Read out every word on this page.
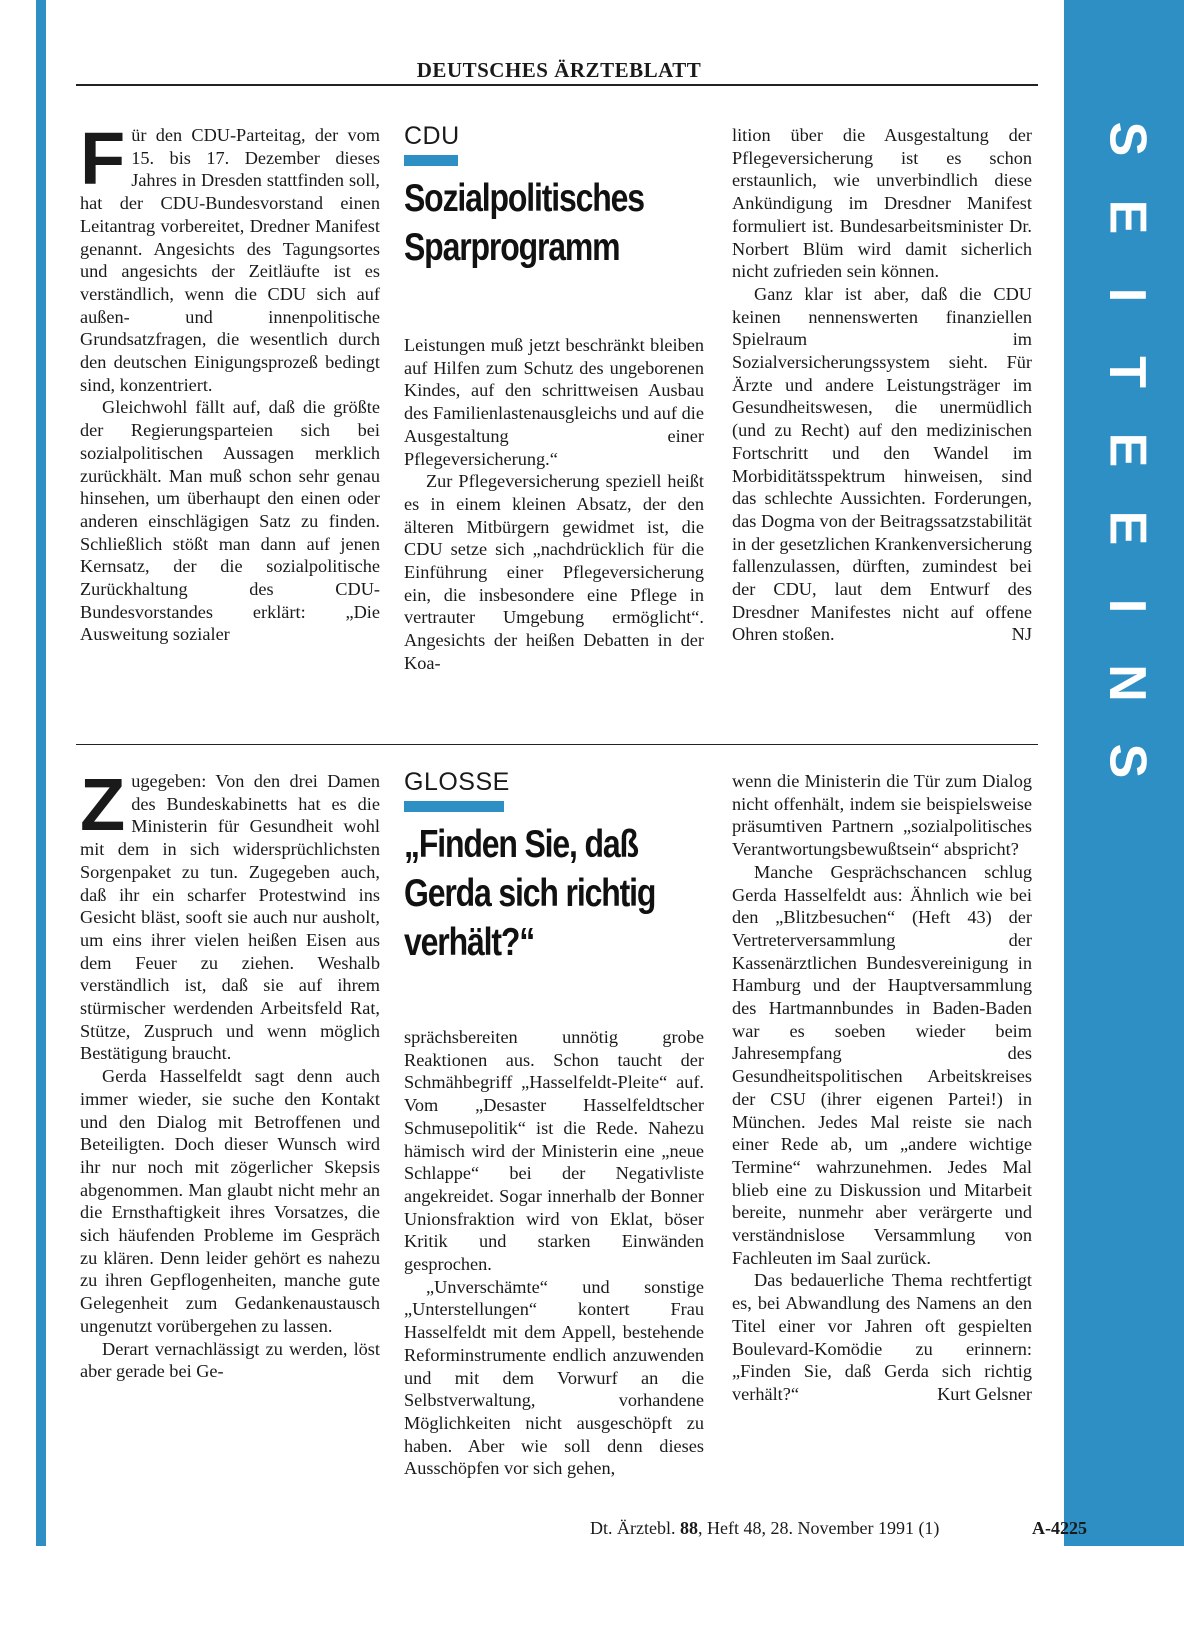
S
E
I
T
E
E
I
N
S
DEUTSCHES ÄRZTEBLATT

Für den CDU-Parteitag, der vom 15. bis 17. Dezember dieses Jahres in Dresden stattfinden soll, hat der CDU-Bundesvorstand einen Leitantrag vorbereitet, Dredner Manifest genannt. Angesichts des Tagungsortes und angesichts der Zeitläufte ist es verständlich, wenn die CDU sich auf außen- und innenpolitische Grundsatzfragen, die wesentlich durch den deutschen Einigungsprozeß bedingt sind, konzentriert.

Gleichwohl fällt auf, daß die größte der Regierungsparteien sich bei sozialpolitischen Aussagen merklich zurückhält. Man muß schon sehr genau hinsehen, um überhaupt den einen oder anderen einschlägigen Satz zu finden. Schließlich stößt man dann auf jenen Kernsatz, der die sozialpolitische Zurückhaltung des CDU-Bundesvorstandes erklärt: „Die Ausweitung sozialer

CDU
Sozialpolitisches Sparprogramm

Leistungen muß jetzt beschränkt bleiben auf Hilfen zum Schutz des ungeborenen Kindes, auf den schrittweisen Ausbau des Familienlastenausgleichs und auf die Ausgestaltung einer Pflegeversicherung.“

Zur Pflegeversicherung speziell heißt es in einem kleinen Absatz, der den älteren Mitbürgern gewidmet ist, die CDU setze sich „nachdrücklich für die Einführung einer Pflegeversicherung ein, die insbesondere eine Pflege in vertrauter Umgebung ermöglicht“. Angesichts der heißen Debatten in der Koa-

lition über die Ausgestaltung der Pflegeversicherung ist es schon erstaunlich, wie unverbindlich diese Ankündigung im Dresdner Manifest formuliert ist. Bundesarbeitsminister Dr. Norbert Blüm wird damit sicherlich nicht zufrieden sein können.

Ganz klar ist aber, daß die CDU keinen nennenswerten finanziellen Spielraum im Sozialversicherungssystem sieht. Für Ärzte und andere Leistungsträger im Gesundheitswesen, die unermüdlich (und zu Recht) auf den medizinischen Fortschritt und den Wandel im Morbiditätsspektrum hinweisen, sind das schlechte Aussichten. Forderungen, das Dogma von der Beitragssatzstabilität in der gesetzlichen Krankenversicherung fallenzulassen, dürften, zumindest bei der CDU, laut dem Entwurf des Dresdner Manifestes nicht auf offene Ohren stoßen.	NJ

Zugegeben: Von den drei Damen des Bundeskabinetts hat es die Ministerin für Gesundheit wohl mit dem in sich widersprüchlichsten Sorgenpaket zu tun. Zugegeben auch, daß ihr ein scharfer Protestwind ins Gesicht bläst, sooft sie auch nur ausholt, um eins ihrer vielen heißen Eisen aus dem Feuer zu ziehen. Weshalb verständlich ist, daß sie auf ihrem stürmischer werdenden Arbeitsfeld Rat, Stütze, Zuspruch und wenn möglich Bestätigung braucht.

Gerda Hasselfeldt sagt denn auch immer wieder, sie suche den Kontakt und den Dialog mit Betroffenen und Beteiligten. Doch dieser Wunsch wird ihr nur noch mit zögerlicher Skepsis abgenommen. Man glaubt nicht mehr an die Ernsthaftigkeit ihres Vorsatzes, die sich häufenden Probleme im Gespräch zu klären. Denn leider gehört es nahezu zu ihren Gepflogenheiten, manche gute Gelegenheit zum Gedankenaustausch ungenutzt vorübergehen zu lassen.

Derart vernachlässigt zu werden, löst aber gerade bei Ge-

GLOSSE
„Finden Sie, daß Gerda sich richtig verhält?“

sprächsbereiten unnötig grobe Reaktionen aus. Schon taucht der Schmähbegriff „Hasselfeldt-Pleite“ auf. Vom „Desaster Hasselfeldtscher Schmusepolitik“ ist die Rede. Nahezu hämisch wird der Ministerin eine „neue Schlappe“ bei der Negativliste angekreidet. Sogar innerhalb der Bonner Unionsfraktion wird von Eklat, böser Kritik und starken Einwänden gesprochen.

„Unverschämte“ und sonstige „Unterstellungen“ kontert Frau Hasselfeldt mit dem Appell, bestehende Reforminstrumente endlich anzuwenden und mit dem Vorwurf an die Selbstverwaltung, vorhandene Möglichkeiten nicht ausgeschöpft zu haben. Aber wie soll denn dieses Ausschöpfen vor sich gehen,

wenn die Ministerin die Tür zum Dialog nicht offenhält, indem sie beispielsweise präsumtiven Partnern „sozialpolitisches Verantwortungsbewußtsein“ abspricht?

Manche Gesprächschancen schlug Gerda Hasselfeldt aus: Ähnlich wie bei den „Blitzbesuchen“ (Heft 43) der Vertreterversammlung der Kassenärztlichen Bundesvereinigung in Hamburg und der Hauptversammlung des Hartmannbundes in Baden-Baden war es soeben wieder beim Jahresempfang des Gesundheitspolitischen Arbeitskreises der CSU (ihrer eigenen Partei!) in München. Jedes Mal reiste sie nach einer Rede ab, um „andere wichtige Termine“ wahrzunehmen. Jedes Mal blieb eine zu Diskussion und Mitarbeit bereite, nunmehr aber verärgerte und verständnislose Versammlung von Fachleuten im Saal zurück.

Das bedauerliche Thema rechtfertigt es, bei Abwandlung des Namens an den Titel einer vor Jahren oft gespielten Boulevard-Komödie zu erinnern: „Finden Sie, daß Gerda sich richtig verhält?“	Kurt Gelsner

Dt. Ärztebl. 88, Heft 48, 28. November 1991 (1)	A-4225
